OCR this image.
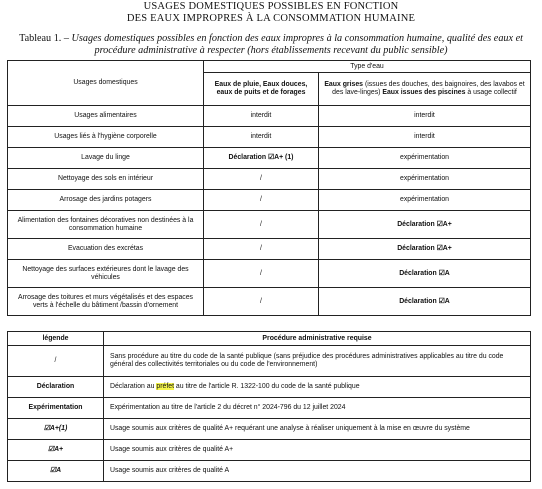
USAGES DOMESTIQUES POSSIBLES EN FONCTION
DES EAUX IMPROPRES À LA CONSOMMATION HUMAINE
Tableau 1. – Usages domestiques possibles en fonction des eaux impropres à la consommation humaine, qualité des eaux et procédure administrative à respecter (hors établissements recevant du public sensible)
Usages domestiques	Type d'eau	
	Eaux de pluie, Eaux douces, eaux de puits et de forages	Eaux grises (issues des douches, des baignoires, des lavabos et des lave-linges) Eaux issues des piscines à usage collectif
Usages alimentaires	interdit	interdit
Usages liés à l'hygiène corporelle	interdit	interdit
Lavage du linge	Déclaration ☑A+ (1)	expérimentation
Nettoyage des sols en intérieur	/	expérimentation
Arrosage des jardins potagers	/	expérimentation
Alimentation des fontaines décoratives non destinées à la consommation humaine	/	Déclaration ☑A+
Evacuation des excrétas	/	Déclaration ☑A+
Nettoyage des surfaces extérieures dont le lavage des véhicules	/	Déclaration ☑A
Arrosage des toitures et murs végétalisés et des espaces verts à l'échelle du bâtiment /bassin d'ornement	/	Déclaration ☑A
légende	Procédure administrative requise
/	Sans procédure au titre du code de la santé publique (sans préjudice des procédures administratives applicables au titre du code général des collectivités territoriales ou du code de l'environnement)
Déclaration	Déclaration au préfet au titre de l'article R. 1322-100 du code de la santé publique
Expérimentation	Expérimentation au titre de l'article 2 du décret n° 2024-796 du 12 juillet 2024
☑A+(1)	Usage soumis aux critères de qualité A+ requérant une analyse à réaliser uniquement à la mise en œuvre du système
☑A+	Usage soumis aux critères de qualité A+
☑A	Usage soumis aux critères de qualité A
